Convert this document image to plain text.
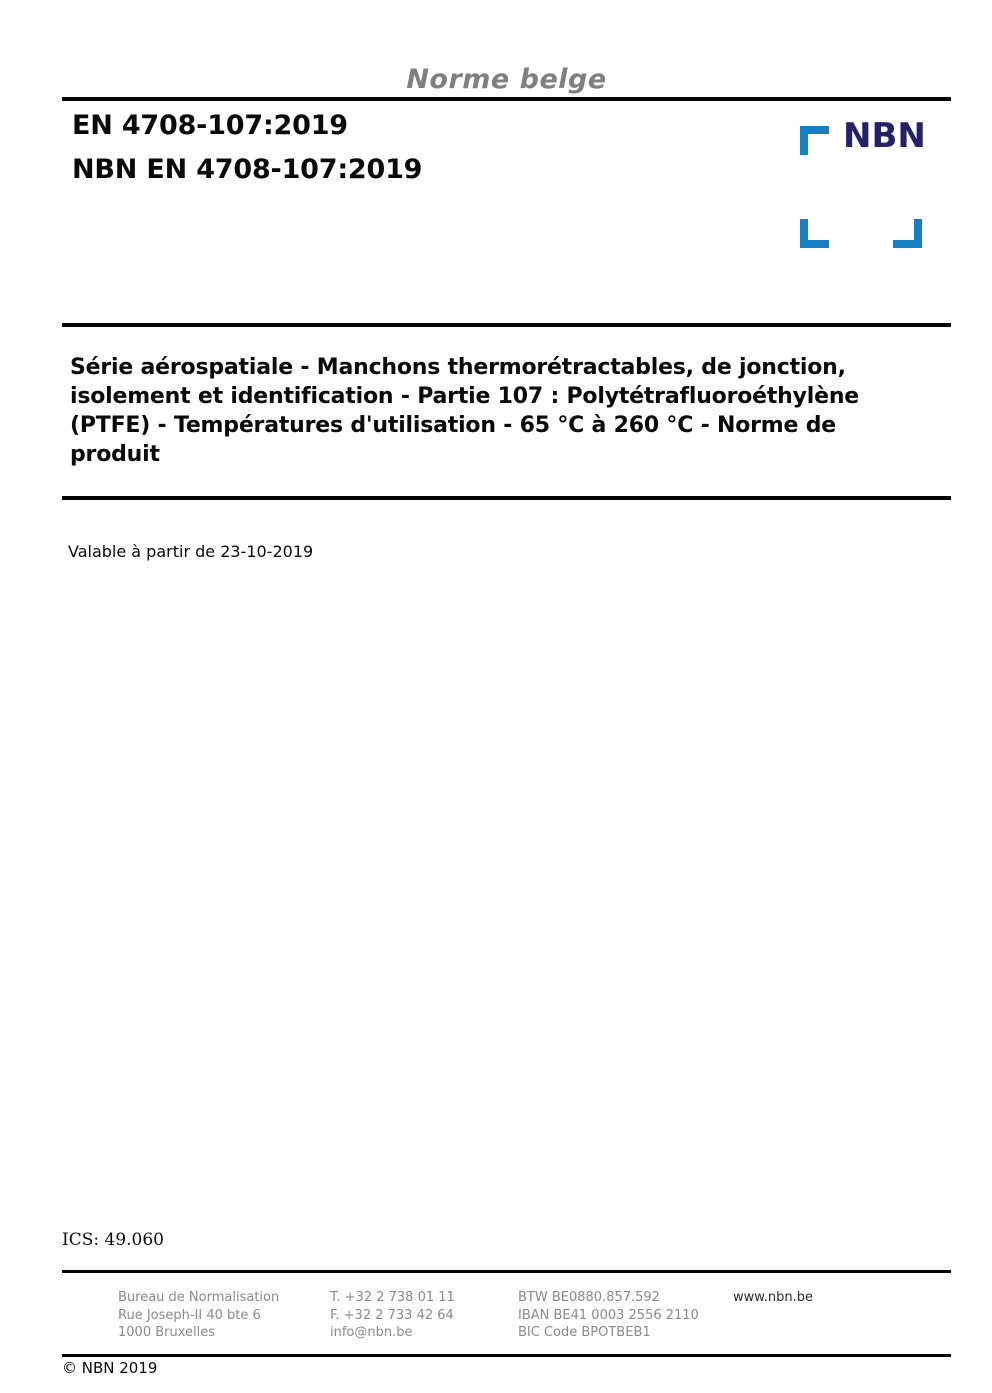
Norme belge
EN 4708-107:2019
NBN EN 4708-107:2019
NBN
Série aérospatiale - Manchons thermorétractables, de jonction, isolement et identification - Partie 107 : Polytétrafluoroéthylène (PTFE) - Températures d'utilisation - 65 °C à 260 °C - Norme de produit
Valable à partir de 23-10-2019
ICS: 49.060
Bureau de Normalisation
Rue Joseph-II 40 bte 6
1000 Bruxelles
T. +32 2 738 01 11
F. +32 2 733 42 64
info@nbn.be
BTW BE0880.857.592
IBAN BE41 0003 2556 2110
BIC Code BPOTBEB1
www.nbn.be
© NBN 2019
